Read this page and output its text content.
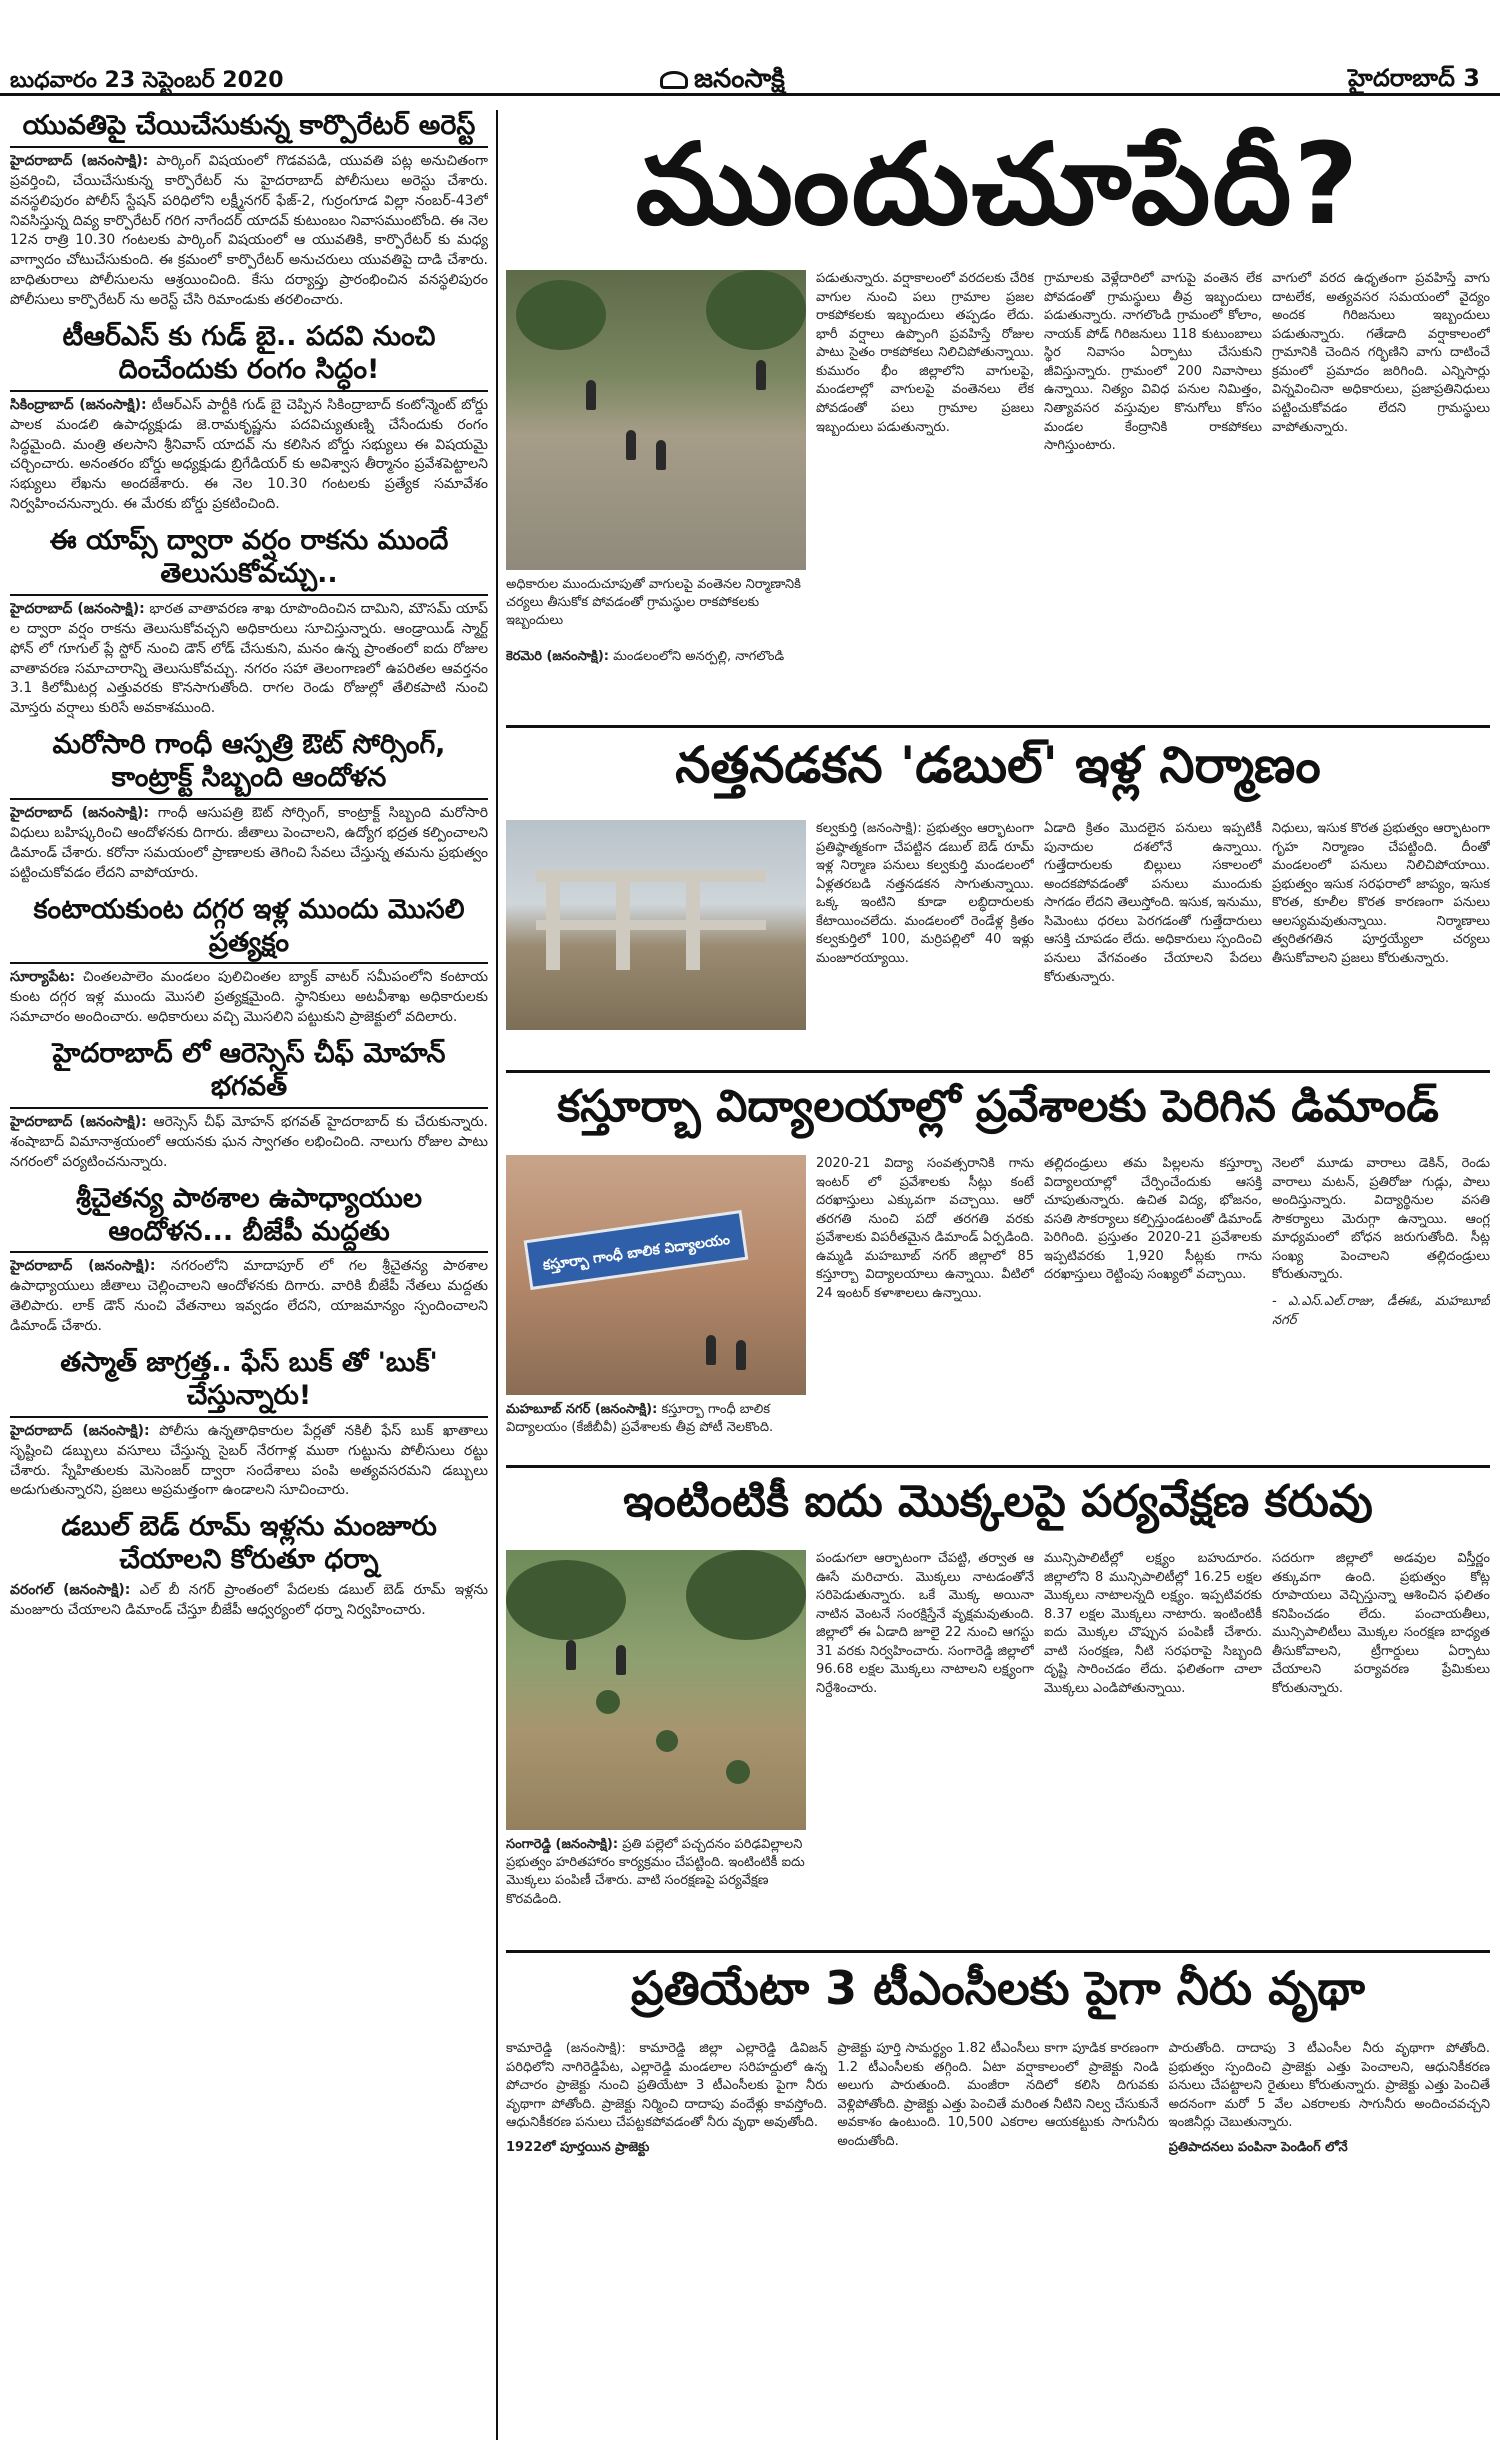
బుధవారం 23 సెప్టెంబర్ 2020	జనంసాక్షి	హైదరాబాద్ 3
యువతిపై చేయిచేసుకున్న కార్పొరేటర్ అరెస్ట్

హైదరాబాద్ (జనంసాక్షి): పార్కింగ్ విషయంలో గొడవపడి, యువతి పట్ల అనుచితంగా ప్రవర్తించి, చేయిచేసుకున్న కార్పొరేటర్ ను హైదరాబాద్ పోలీసులు అరెస్టు చేశారు. వనస్థలిపురం పోలీస్ స్టేషన్ పరిధిలోని లక్ష్మీనగర్ ఫేజ్-2, గుర్రంగూడ విల్లా నంబర్-43లో నివసిస్తున్న దివ్య కార్పొరేటర్ గరిగ నాగేందర్ యాదవ్ కుటుంబం నివాసముంటోంది. ఈ నెల 12న రాత్రి 10.30 గంటలకు పార్కింగ్ విషయంలో ఆ యువతికి, కార్పొరేటర్ కు మధ్య వాగ్వాదం చోటుచేసుకుంది. ఈ క్రమంలో కార్పొరేటర్ అనుచరులు యువతిపై దాడి చేశారు. బాధితురాలు పోలీసులను ఆశ్రయించింది. కేసు దర్యాప్తు ప్రారంభించిన వనస్థలిపురం పోలీసులు కార్పొరేటర్ ను అరెస్ట్ చేసి రిమాండుకు తరలించారు.

టీఆర్ఎస్ కు గుడ్ బై.. పదవి నుంచి దించేందుకు రంగం సిద్ధం!

సికింద్రాబాద్ (జనంసాక్షి): టీఆర్ఎస్ పార్టీకి గుడ్ బై చెప్పిన సికింద్రాబాద్ కంటోన్మెంట్ బోర్డు పాలక మండలి ఉపాధ్యక్షుడు జె.రామకృష్ణను పదవిచ్యుతుణ్ని చేసేందుకు రంగం సిద్ధమైంది. మంత్రి తలసాని శ్రీనివాస్ యాదవ్ ను కలిసిన బోర్డు సభ్యులు ఈ విషయమై చర్చించారు. అనంతరం బోర్డు అధ్యక్షుడు బ్రిగేడియర్ కు అవిశ్వాస తీర్మానం ప్రవేశపెట్టాలని సభ్యులు లేఖను అందజేశారు. ఈ నెల 10.30 గంటలకు ప్రత్యేక సమావేశం నిర్వహించనున్నారు. ఈ మేరకు బోర్డు ప్రకటించింది.

ఈ యాప్స్ ద్వారా వర్షం రాకను ముందే తెలుసుకోవచ్చు..

హైదరాబాద్ (జనంసాక్షి): భారత వాతావరణ శాఖ రూపొందించిన దామిని, మౌసమ్ యాప్ ల ద్వారా వర్షం రాకను తెలుసుకోవచ్చని అధికారులు సూచిస్తున్నారు. ఆండ్రాయిడ్ స్మార్ట్ ఫోన్ లో గూగుల్ ప్లే స్టోర్ నుంచి డౌన్ లోడ్ చేసుకుని, మనం ఉన్న ప్రాంతంలో ఐదు రోజుల వాతావరణ సమాచారాన్ని తెలుసుకోవచ్చు. నగరం సహా తెలంగాణలో ఉపరితల ఆవర్తనం 3.1 కిలోమీటర్ల ఎత్తువరకు కొనసాగుతోంది. రాగల రెండు రోజుల్లో తేలికపాటి నుంచి మోస్తరు వర్షాలు కురిసే అవకాశముంది.

మరోసారి గాంధీ ఆస్పత్రి ఔట్ సోర్సింగ్, కాంట్రాక్ట్ సిబ్బంది ఆందోళన

హైదరాబాద్ (జనంసాక్షి): గాంధీ ఆసుపత్రి ఔట్ సోర్సింగ్, కాంట్రాక్ట్ సిబ్బంది మరోసారి విధులు బహిష్కరించి ఆందోళనకు దిగారు. జీతాలు పెంచాలని, ఉద్యోగ భద్రత కల్పించాలని డిమాండ్ చేశారు. కరోనా సమయంలో ప్రాణాలకు తెగించి సేవలు చేస్తున్న తమను ప్రభుత్వం పట్టించుకోవడం లేదని వాపోయారు.

కంటాయకుంట దగ్గర ఇళ్ల ముందు మొసలి ప్రత్యక్షం

సూర్యాపేట: చింతలపాలెం మండలం పులిచింతల బ్యాక్ వాటర్ సమీపంలోని కంటాయ కుంట దగ్గర ఇళ్ల ముందు మొసలి ప్రత్యక్షమైంది. స్థానికులు అటవీశాఖ అధికారులకు సమాచారం అందించారు. అధికారులు వచ్చి మొసలిని పట్టుకుని ప్రాజెక్టులో వదిలారు.

హైదరాబాద్ లో ఆరెస్సెస్ చీఫ్ మోహన్ భగవత్

హైదరాబాద్ (జనంసాక్షి): ఆరెస్సెస్ చీఫ్ మోహన్ భగవత్ హైదరాబాద్ కు చేరుకున్నారు. శంషాబాద్ విమానాశ్రయంలో ఆయనకు ఘన స్వాగతం లభించింది. నాలుగు రోజుల పాటు నగరంలో పర్యటించనున్నారు.

శ్రీచైతన్య పాఠశాల ఉపాధ్యాయుల ఆందోళన... బీజేపీ మద్దతు

హైదరాబాద్ (జనంసాక్షి): నగరంలోని మాదాపూర్ లో గల శ్రీచైతన్య పాఠశాల ఉపాధ్యాయులు జీతాలు చెల్లించాలని ఆందోళనకు దిగారు. వారికి బీజేపీ నేతలు మద్దతు తెలిపారు. లాక్ డౌన్ నుంచి వేతనాలు ఇవ్వడం లేదని, యాజమాన్యం స్పందించాలని డిమాండ్ చేశారు.

తస్మాత్ జాగ్రత్త.. ఫేస్ బుక్ తో 'బుక్' చేస్తున్నారు!

హైదరాబాద్ (జనంసాక్షి): పోలీసు ఉన్నతాధికారుల పేర్లతో నకిలీ ఫేస్ బుక్ ఖాతాలు సృష్టించి డబ్బులు వసూలు చేస్తున్న సైబర్ నేరగాళ్ల ముఠా గుట్టును పోలీసులు రట్టు చేశారు. స్నేహితులకు మెసెంజర్ ద్వారా సందేశాలు పంపి అత్యవసరమని డబ్బులు అడుగుతున్నారని, ప్రజలు అప్రమత్తంగా ఉండాలని సూచించారు.

డబుల్ బెడ్ రూమ్ ఇళ్లను మంజూరు చేయాలని కోరుతూ ధర్నా

వరంగల్ (జనంసాక్షి): ఎల్ బీ నగర్ ప్రాంతంలో పేదలకు డబుల్ బెడ్ రూమ్ ఇళ్లను మంజూరు చేయాలని డిమాండ్ చేస్తూ బీజేపీ ఆధ్వర్యంలో ధర్నా నిర్వహించారు.

ముందుచూపేదీ?
అధికారుల ముందుచూపుతో వాగులపై వంతెనల నిర్మాణానికి చర్యలు తీసుకోక పోవడంతో గ్రామస్థుల రాకపోకలకు ఇబ్బందులు
కెరమెరి (జనంసాక్షి): మండలంలోని అనర్పల్లి, నాగలొండి
పడుతున్నారు. వర్షాకాలంలో వరదలకు చేరిక వాగుల నుంచి పలు గ్రామాల ప్రజల రాకపోకలకు ఇబ్బందులు తప్పడం లేదు. భారీ వర్షాలు ఉప్పొంగి ప్రవహిస్తే రోజుల పాటు సైతం రాకపోకలు నిలిచిపోతున్నాయి. కుమురం భీం జిల్లాలోని వాగులపై, మండలాల్లో వాగులపై వంతెనలు లేక పోవడంతో పలు గ్రామాల ప్రజలు ఇబ్బందులు పడుతున్నారు.
గ్రామాలకు వెళ్లేదారిలో వాగుపై వంతెన లేక పోవడంతో గ్రామస్థులు తీవ్ర ఇబ్బందులు పడుతున్నారు. నాగలొండి గ్రామంలో కోలాం, నాయక్ పోడ్ గిరిజనులు 118 కుటుంబాలు స్థిర నివాసం ఏర్పాటు చేసుకుని జీవిస్తున్నారు. గ్రామంలో 200 నివాసాలు ఉన్నాయి. నిత్యం వివిధ పనుల నిమిత్తం, నిత్యావసర వస్తువుల కొనుగోలు కోసం మండల కేంద్రానికి రాకపోకలు సాగిస్తుంటారు.
వాగులో వరద ఉధృతంగా ప్రవహిస్తే వాగు దాటలేక, అత్యవసర సమయంలో వైద్యం అందక గిరిజనులు ఇబ్బందులు పడుతున్నారు. గతేడాది వర్షాకాలంలో గ్రామానికి చెందిన గర్భిణిని వాగు దాటించే క్రమంలో ప్రమాదం జరిగింది. ఎన్నిసార్లు విన్నవించినా అధికారులు, ప్రజాప్రతినిధులు పట్టించుకోవడం లేదని గ్రామస్థులు వాపోతున్నారు.
నత్తనడకన 'డబుల్' ఇళ్ల నిర్మాణం
కల్వకుర్తి (జనంసాక్షి): ప్రభుత్వం ఆర్భాటంగా ప్రతిష్ఠాత్మకంగా చేపట్టిన డబుల్ బెడ్ రూమ్ ఇళ్ల నిర్మాణ పనులు కల్వకుర్తి మండలంలో ఏళ్లతరబడి నత్తనడకన సాగుతున్నాయి. ఒక్క ఇంటిని కూడా లబ్ధిదారులకు కేటాయించలేదు. మండలంలో రెండేళ్ల క్రితం కల్వకుర్తిలో 100, మర్రిపల్లిలో 40 ఇళ్లు మంజూరయ్యాయి.
ఏడాది క్రితం మొదలైన పనులు ఇప్పటికీ పునాదుల దశలోనే ఉన్నాయి. గుత్తేదారులకు బిల్లులు సకాలంలో అందకపోవడంతో పనులు ముందుకు సాగడం లేదని తెలుస్తోంది. ఇసుక, ఇనుము, సిమెంటు ధరలు పెరగడంతో గుత్తేదారులు ఆసక్తి చూపడం లేదు. అధికారులు స్పందించి పనులు వేగవంతం చేయాలని పేదలు కోరుతున్నారు.
నిధులు, ఇసుక కొరత ప్రభుత్వం ఆర్భాటంగా గృహ నిర్మాణం చేపట్టింది. దీంతో మండలంలో పనులు నిలిచిపోయాయి. ప్రభుత్వం ఇసుక సరఫరాలో జాప్యం, ఇసుక కొరత, కూలీల కొరత కారణంగా పనులు ఆలస్యమవుతున్నాయి. నిర్మాణాలు త్వరితగతిన పూర్తయ్యేలా చర్యలు తీసుకోవాలని ప్రజలు కోరుతున్నారు.
కస్తూర్బా విద్యాలయాల్లో ప్రవేశాలకు పెరిగిన డిమాండ్
కస్తూర్బా గాంధీ బాలిక విద్యాలయం
మహబూబ్ నగర్ (జనంసాక్షి): కస్తూర్బా గాంధీ బాలిక విద్యాలయం (కేజీబీవీ) ప్రవేశాలకు తీవ్ర పోటీ నెలకొంది.
2020-21 విద్యా సంవత్సరానికి గాను ఇంటర్ లో ప్రవేశాలకు సీట్లు కంటే దరఖాస్తులు ఎక్కువగా వచ్చాయి. ఆరో తరగతి నుంచి పదో తరగతి వరకు ప్రవేశాలకు విపరీతమైన డిమాండ్ ఏర్పడింది. ఉమ్మడి మహబూబ్ నగర్ జిల్లాలో 85 కస్తూర్బా విద్యాలయాలు ఉన్నాయి. వీటిలో 24 ఇంటర్ కళాశాలలు ఉన్నాయి.
తల్లిదండ్రులు తమ పిల్లలను కస్తూర్బా విద్యాలయాల్లో చేర్పించేందుకు ఆసక్తి చూపుతున్నారు. ఉచిత విద్య, భోజనం, వసతి సౌకర్యాలు కల్పిస్తుండటంతో డిమాండ్ పెరిగింది. ప్రస్తుతం 2020-21 ప్రవేశాలకు ఇప్పటివరకు 1,920 సీట్లకు గాను దరఖాస్తులు రెట్టింపు సంఖ్యలో వచ్చాయి.
నెలలో మూడు వారాలు డెకిన్, రెండు వారాలు మటన్, ప్రతిరోజు గుడ్లు, పాలు అందిస్తున్నారు. విద్యార్థినుల వసతి సౌకర్యాలు మెరుగ్గా ఉన్నాయి. ఆంగ్ల మాధ్యమంలో బోధన జరుగుతోంది. సీట్ల సంఖ్య పెంచాలని తల్లిదండ్రులు కోరుతున్నారు.
- ఎ.ఎస్.ఎల్.రాజు, డీఈఓ, మహబూబ్ నగర్
ఇంటింటికీ ఐదు మొక్కలపై పర్యవేక్షణ కరువు
సంగారెడ్డి (జనంసాక్షి): ప్రతి పల్లెలో పచ్చదనం పరిఢవిల్లాలని ప్రభుత్వం హరితహారం కార్యక్రమం చేపట్టింది. ఇంటింటికీ ఐదు మొక్కలు పంపిణీ చేశారు. వాటి సంరక్షణపై పర్యవేక్షణ కొరవడింది.
పండుగలా ఆర్భాటంగా చేపట్టి, తర్వాత ఆ ఊసే మరిచారు. మొక్కలు నాటడంతోనే సరిపెడుతున్నారు. ఒకే మొక్క అయినా నాటిన వెంటనే సంరక్షిస్తేనే వృక్షమవుతుంది. జిల్లాలో ఈ ఏడాది జూలై 22 నుంచి ఆగస్టు 31 వరకు నిర్వహించారు. సంగారెడ్డి జిల్లాలో 96.68 లక్షల మొక్కలు నాటాలని లక్ష్యంగా నిర్దేశించారు.
మున్సిపాలిటీల్లో లక్ష్యం బహుదూరం. జిల్లాలోని 8 మున్సిపాలిటీల్లో 16.25 లక్షల మొక్కలు నాటాలన్నది లక్ష్యం. ఇప్పటివరకు 8.37 లక్షల మొక్కలు నాటారు. ఇంటింటికీ ఐదు మొక్కల చొప్పున పంపిణీ చేశారు. వాటి సంరక్షణ, నీటి సరఫరాపై సిబ్బంది దృష్టి సారించడం లేదు. ఫలితంగా చాలా మొక్కలు ఎండిపోతున్నాయి.
సదరుగా జిల్లాలో అడవుల విస్తీర్ణం తక్కువగా ఉంది. ప్రభుత్వం కోట్ల రూపాయలు వెచ్చిస్తున్నా ఆశించిన ఫలితం కనిపించడం లేదు. పంచాయతీలు, మున్సిపాలిటీలు మొక్కల సంరక్షణ బాధ్యత తీసుకోవాలని, ట్రీగార్డులు ఏర్పాటు చేయాలని పర్యావరణ ప్రేమికులు కోరుతున్నారు.
ప్రతియేటా 3 టీఎంసీలకు పైగా నీరు వృథా
కామారెడ్డి (జనంసాక్షి): కామారెడ్డి జిల్లా ఎల్లారెడ్డి డివిజన్ పరిధిలోని నాగిరెడ్డిపేట, ఎల్లారెడ్డి మండలాల సరిహద్దులో ఉన్న పోచారం ప్రాజెక్టు నుంచి ప్రతియేటా 3 టీఎంసీలకు పైగా నీరు వృథాగా పోతోంది. ప్రాజెక్టు నిర్మించి దాదాపు వందేళ్లు కావస్తోంది. ఆధునికీకరణ పనులు చేపట్టకపోవడంతో నీరు వృథా అవుతోంది.
1922లో పూర్తయిన ప్రాజెక్టు
ప్రాజెక్టు పూర్తి సామర్థ్యం 1.82 టీఎంసీలు కాగా పూడిక కారణంగా 1.2 టీఎంసీలకు తగ్గింది. ఏటా వర్షాకాలంలో ప్రాజెక్టు నిండి అలుగు పారుతుంది. మంజీరా నదిలో కలిసి దిగువకు వెళ్లిపోతోంది. ప్రాజెక్టు ఎత్తు పెంచితే మరింత నీటిని నిల్వ చేసుకునే అవకాశం ఉంటుంది. 10,500 ఎకరాల ఆయకట్టుకు సాగునీరు అందుతోంది.
పారుతోంది. దాదాపు 3 టీఎంసీల నీరు వృథాగా పోతోంది. ప్రభుత్వం స్పందించి ప్రాజెక్టు ఎత్తు పెంచాలని, ఆధునికీకరణ పనులు చేపట్టాలని రైతులు కోరుతున్నారు. ప్రాజెక్టు ఎత్తు పెంచితే అదనంగా మరో 5 వేల ఎకరాలకు సాగునీరు అందించవచ్చని ఇంజినీర్లు చెబుతున్నారు.
ప్రతిపాదనలు పంపినా పెండింగ్ లోనే
